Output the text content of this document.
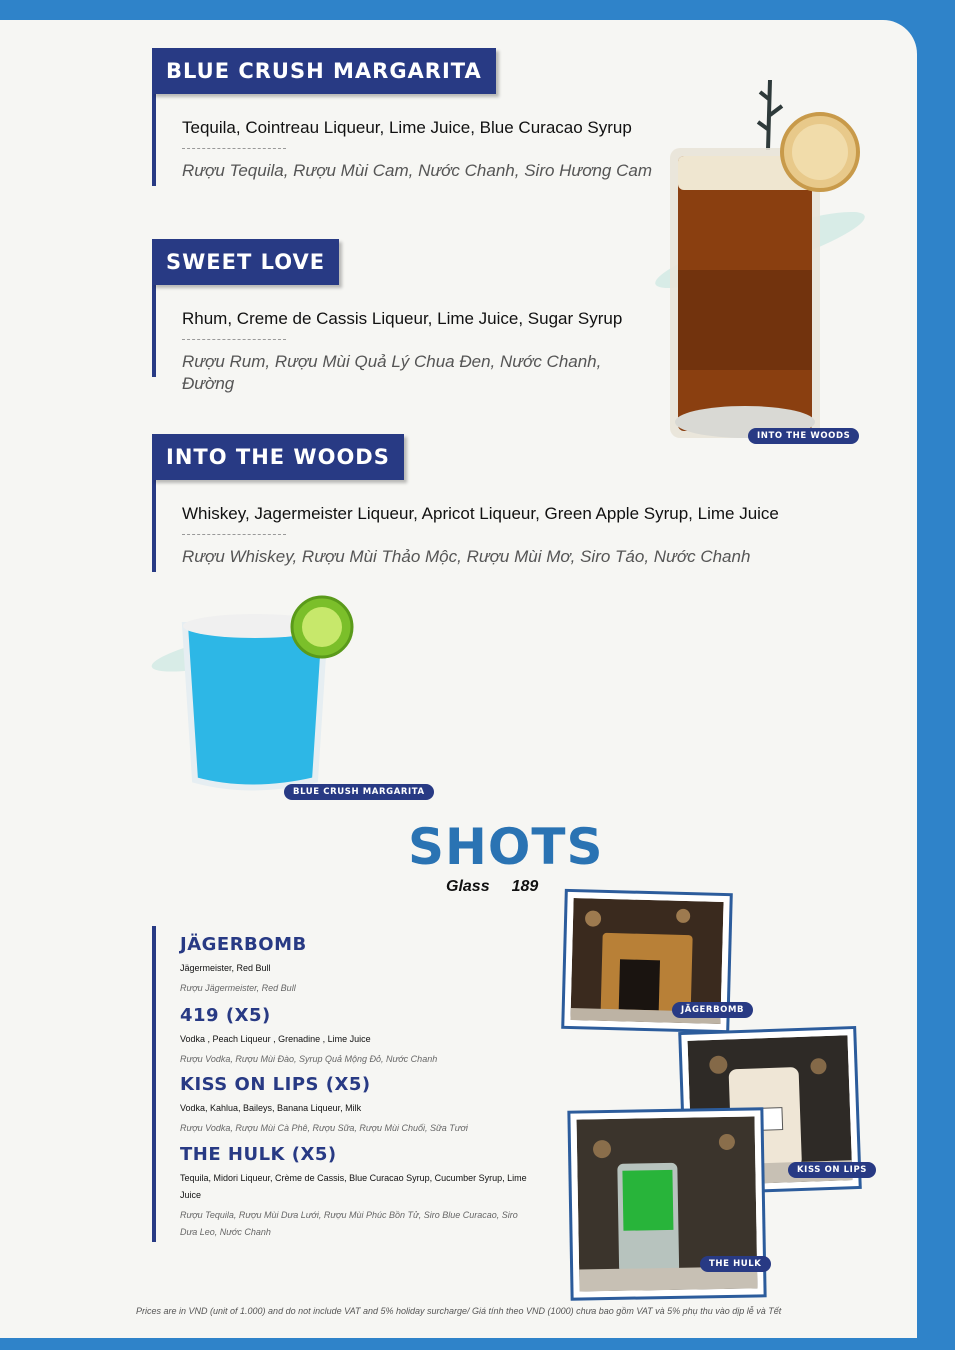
BLUE CRUSH MARGARITA
Tequila, Cointreau Liqueur, Lime Juice, Blue Curacao Syrup
Rượu Tequila, Rượu Mùi Cam, Nước Chanh, Siro Hương Cam
SWEET LOVE
Rhum, Creme de Cassis Liqueur, Lime Juice, Sugar Syrup
Rượu Rum, Rượu Mùi Quả Lý Chua Đen, Nước Chanh, Đường
INTO THE WOODS
Whiskey, Jagermeister Liqueur, Apricot Liqueur, Green Apple Syrup, Lime Juice
Rượu Whiskey, Rượu Mùi Thảo Mộc, Rượu Mùi Mơ, Siro Táo, Nước Chanh
INTO THE WOODS
BLUE CRUSH MARGARITA
SHOTS
Glass 189
JÄGERBOMB
Jägermeister, Red Bull
Rượu Jägermeister, Red Bull
419 (X5)
Vodka , Peach Liqueur , Grenadine , Lime Juice
Rượu Vodka, Rượu Mùi Đào, Syrup Quả Mộng Đỏ, Nước Chanh
KISS ON LIPS (X5)
Vodka, Kahlua, Baileys, Banana Liqueur, Milk
Rượu Vodka, Rượu Mùi Cà Phê, Rượu Sữa, Rượu Mùi Chuối, Sữa Tươi
THE HULK (X5)
Tequila, Midori Liqueur, Crème de Cassis, Blue Curacao Syrup, Cucumber Syrup, Lime Juice
Rượu Tequila, Rượu Mùi Dưa Lưới, Rượu Mùi Phúc Bồn Tử, Siro Blue Curacao, Siro Dưa Leo, Nước Chanh
JÄGERBOMB
KISS ON LIPS
THE HULK
Prices are in VND (unit of 1.000) and do not include VAT and 5% holiday surcharge/ Giá tính theo VND (1000) chưa bao gồm VAT và 5% phụ thu vào dịp lễ và Tết
